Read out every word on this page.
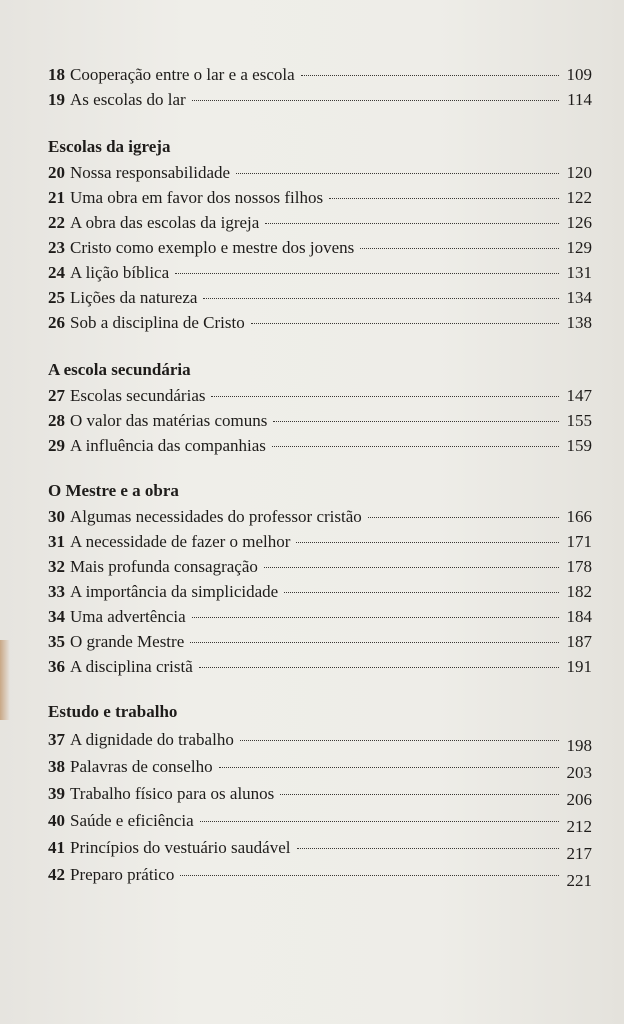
18 Cooperação entre o lar e a escola	109
19 As escolas do lar	114
Escolas da igreja
20 Nossa responsabilidade	120
21 Uma obra em favor dos nossos filhos	122
22 A obra das escolas da igreja	126
23 Cristo como exemplo e mestre dos jovens	129
24 A lição bíblica	131
25 Lições da natureza	134
26 Sob a disciplina de Cristo	138
A escola secundária
27 Escolas secundárias	147
28 O valor das matérias comuns	155
29 A influência das companhias	159
O Mestre e a obra
30 Algumas necessidades do professor cristão	166
31 A necessidade de fazer o melhor	171
32 Mais profunda consagração	178
33 A importância da simplicidade	182
34 Uma advertência	184
35 O grande Mestre	187
36 A disciplina cristã	191
Estudo e trabalho
37 A dignidade do trabalho	198
38 Palavras de conselho	203
39 Trabalho físico para os alunos	206
40 Saúde e eficiência	212
41 Princípios do vestuário saudável	217
42 Preparo prático	221
